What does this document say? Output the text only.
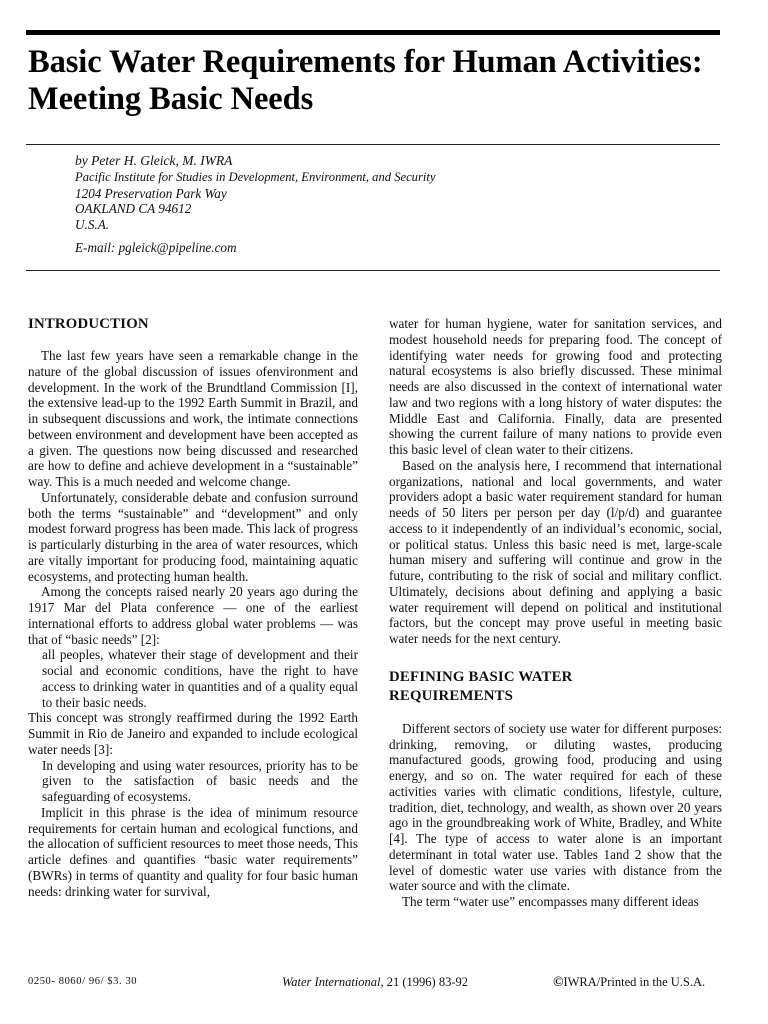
Basic Water Requirements for Human Activities:
Meeting Basic Needs
by Peter H. Gleick, M. IWRA
Pacific Institute for Studies in Development, Environment, and Security
1204 Preservation Park Way
OAKLAND CA 94612
U.S.A.
E-mail: pgleick@pipeline.com
INTRODUCTION

The last few years have seen a remarkable change in the nature of the global discussion of issues ofenvironment and development. In the work of the Brundtland Commission [I], the extensive lead-up to the 1992 Earth Summit in Brazil, and in subsequent discussions and work, the intimate connections between environment and development have been accepted as a given. The questions now being discussed and researched are how to define and achieve development in a “sustainable” way. This is a much needed and welcome change.

Unfortunately, considerable debate and confusion surround both the terms “sustainable” and “development” and only modest forward progress has been made. This lack of progress is particularly disturbing in the area of water resources, which are vitally important for producing food, maintaining aquatic ecosystems, and protecting human health.

Among the concepts raised nearly 20 years ago during the 1917 Mar del Plata conference — one of the earliest international efforts to address global water problems — was that of “basic needs” [2]:

all peoples, whatever their stage of development and their social and economic conditions, have the right to have access to drinking water in quantities and of a quality equal to their basic needs.

This concept was strongly reaffirmed during the 1992 Earth Summit in Rio de Janeiro and expanded to include ecological water needs [3]:

In developing and using water resources, priority has to be given to the satisfaction of basic needs and the safeguarding of ecosystems.

Implicit in this phrase is the idea of minimum resource requirements for certain human and ecological functions, and the allocation of sufficient resources to meet those needs, This article defines and quantifies “basic water requirements” (BWRs) in terms of quantity and quality for four basic human needs: drinking water for survival,

water for human hygiene, water for sanitation services, and modest household needs for preparing food. The concept of identifying water needs for growing food and protecting natural ecosystems is also briefly discussed. These minimal needs are also discussed in the context of international water law and two regions with a long history of water disputes: the Middle East and California. Finally, data are presented showing the current failure of many nations to provide even this basic level of clean water to their citizens.

Based on the analysis here, I recommend that international organizations, national and local governments, and water providers adopt a basic water requirement standard for human needs of 50 liters per person per day (l/p/d) and guarantee access to it independently of an individual’s economic, social, or political status. Unless this basic need is met, large-scale human misery and suffering will continue and grow in the future, contributing to the risk of social and military conflict. Ultimately, decisions about defining and applying a basic water requirement will depend on political and institutional factors, but the concept may prove useful in meeting basic water needs for the next century.

DEFINING BASIC WATER
REQUIREMENTS

Different sectors of society use water for different purposes: drinking, removing, or diluting wastes, producing manufactured goods, growing food, producing and using energy, and so on. The water required for each of these activities varies with climatic conditions, lifestyle, culture, tradition, diet, technology, and wealth, as shown over 20 years ago in the groundbreaking work of White, Bradley, and White [4]. The type of access to water alone is an important determinant in total water use. Tables 1and 2 show that the level of domestic water use varies with distance from the water source and with the climate.

The term “water use” encompasses many different ideas

0250- 8060/ 96/ $3. 30	Water International, 21 (1996) 83-92	©IWRA/Printed in the U.S.A.
